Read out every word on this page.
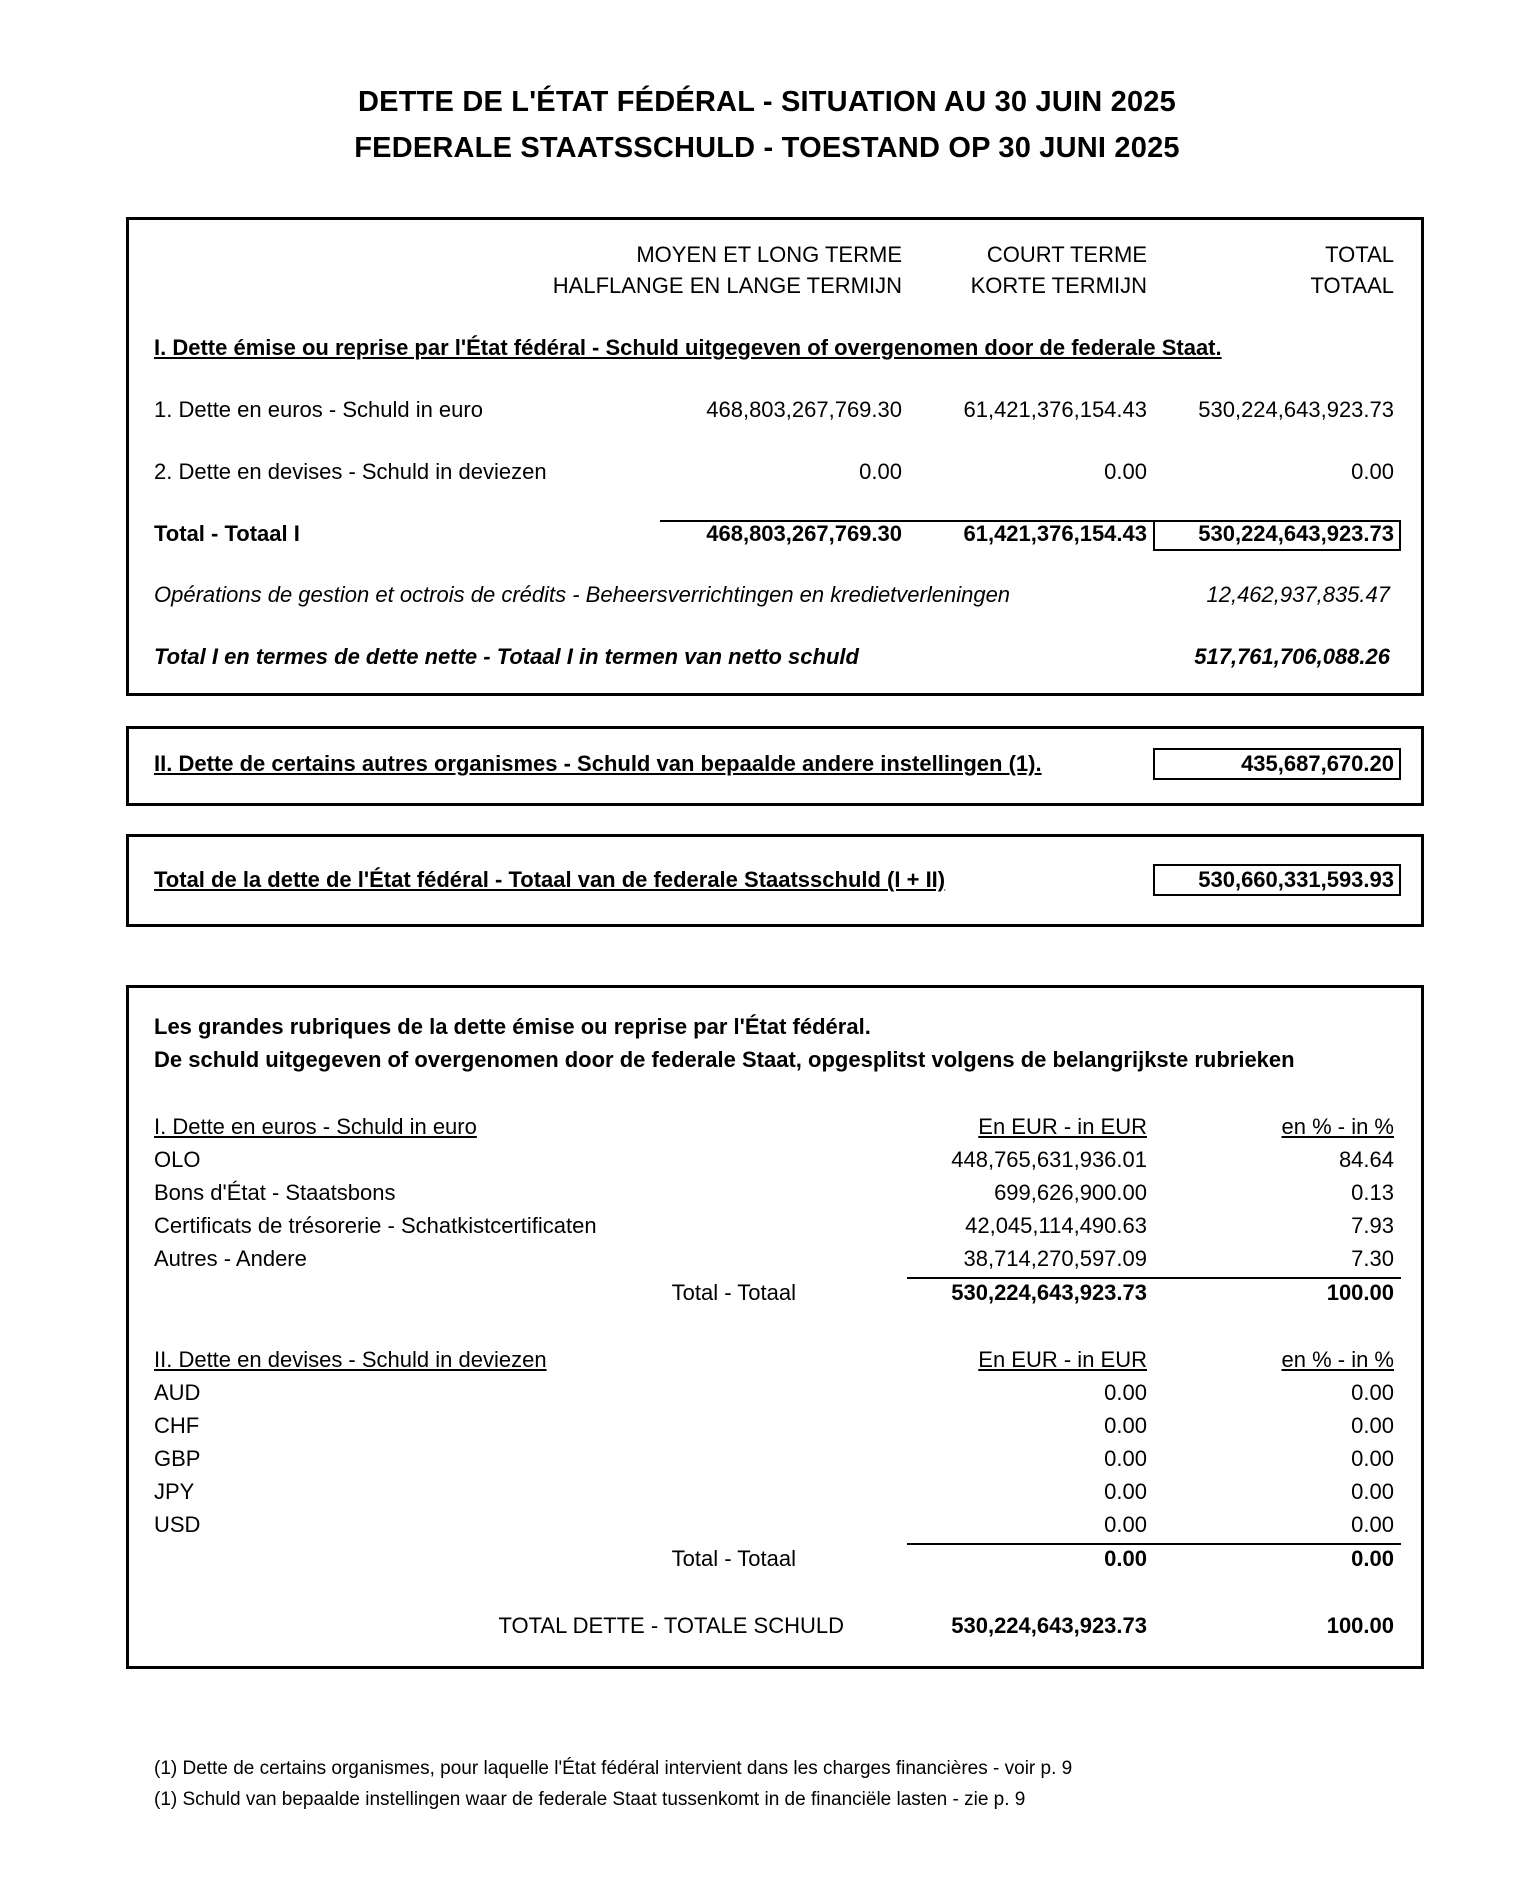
DETTE DE L'ÉTAT FÉDÉRAL - SITUATION AU 30 JUIN 2025
FEDERALE STAATSSCHULD - TOESTAND OP 30 JUNI 2025
MOYEN ET LONG TERME
HALFLANGE EN LANGE TERMIJN
COURT TERME
KORTE TERMIJN
TOTAL
TOTAAL
I. Dette émise ou reprise par l'État fédéral - Schuld uitgegeven of overgenomen door de federale Staat.
1. Dette en euros - Schuld in euro	468,803,267,769.30	61,421,376,154.43 530,224,643,923.73
2. Dette en devises - Schuld in deviezen	0.00	0.00	0.00
Total - Totaal I	468,803,267,769.30	61,421,376,154.43 530,224,643,923.73
Opérations de gestion et octrois de crédits - Beheersverrichtingen en kredietverleningen	12,462,937,835.47
Total I en termes de dette nette - Totaal I in termen van netto schuld	517,761,706,088.26
II. Dette de certains autres organismes - Schuld van bepaalde andere instellingen (1).	435,687,670.20
Total de la dette de l'État fédéral - Totaal van de federale Staatsschuld (I + II)	530,660,331,593.93
Les grandes rubriques de la dette émise ou reprise par l'État fédéral.
De schuld uitgegeven of overgenomen door de federale Staat, opgesplitst volgens de belangrijkste rubrieken
I. Dette en euros - Schuld in euro	En EUR - in EUR	en % - in %
OLO	448,765,631,936.01	84.64
Bons d'État - Staatsbons	699,626,900.00	0.13
Certificats de trésorerie - Schatkistcertificaten	42,045,114,490.63	7.93
Autres - Andere	38,714,270,597.09	7.30
Total - Totaal	530,224,643,923.73	100.00
II. Dette en devises - Schuld in deviezen	En EUR - in EUR	en % - in %
AUD	0.00	0.00
CHF	0.00	0.00
GBP	0.00	0.00
JPY	0.00	0.00
USD	0.00	0.00
Total - Totaal	0.00	0.00
TOTAL DETTE - TOTALE SCHULD	530,224,643,923.73	100.00
(1) Dette de certains organismes, pour laquelle l'État fédéral intervient dans les charges financières - voir p. 9
(1) Schuld van bepaalde instellingen waar de federale Staat tussenkomt in de financiële lasten - zie p. 9
